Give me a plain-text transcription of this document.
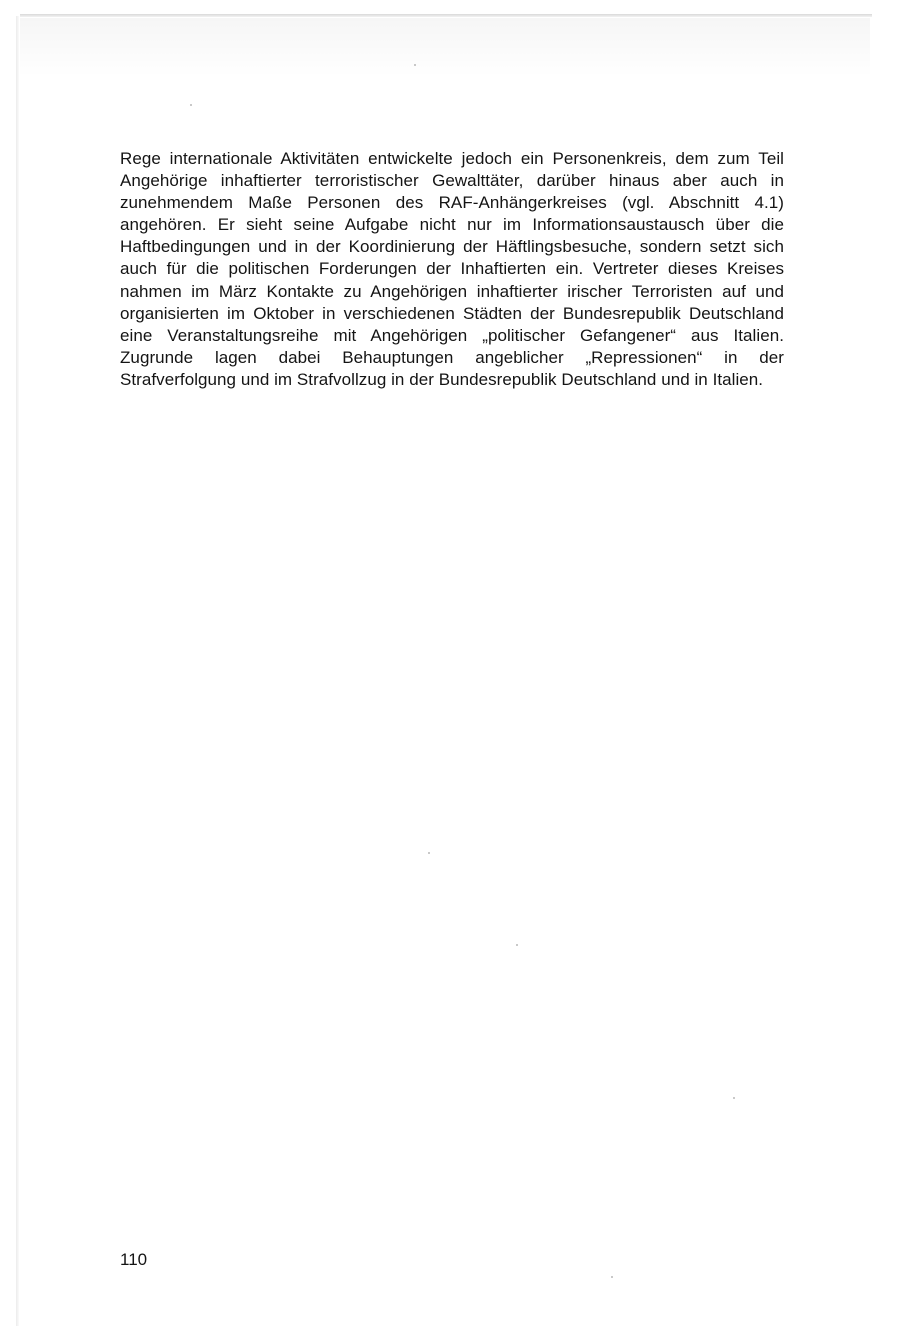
Rege internationale Aktivitäten entwickelte jedoch ein Personenkreis, dem zum Teil Angehörige inhaftierter terroristischer Gewalttäter, darüber hinaus aber auch in zunehmendem Maße Personen des RAF-Anhängerkreises (vgl. Abschnitt 4.1) angehören. Er sieht seine Aufgabe nicht nur im Informationsaustausch über die Haftbedingungen und in der Koordinierung der Häftlingsbesuche, sondern setzt sich auch für die politischen Forderungen der Inhaftierten ein. Vertreter dieses Kreises nahmen im März Kontakte zu Angehörigen inhaftierter irischer Terroristen auf und organisierten im Oktober in verschiedenen Städten der Bundesrepublik Deutschland eine Veranstaltungsreihe mit Angehörigen „politischer Gefangener“ aus Italien. Zugrunde lagen dabei Behauptungen angeblicher „Repressionen“ in der Strafverfolgung und im Strafvollzug in der Bundesrepublik Deutschland und in Italien.

110
